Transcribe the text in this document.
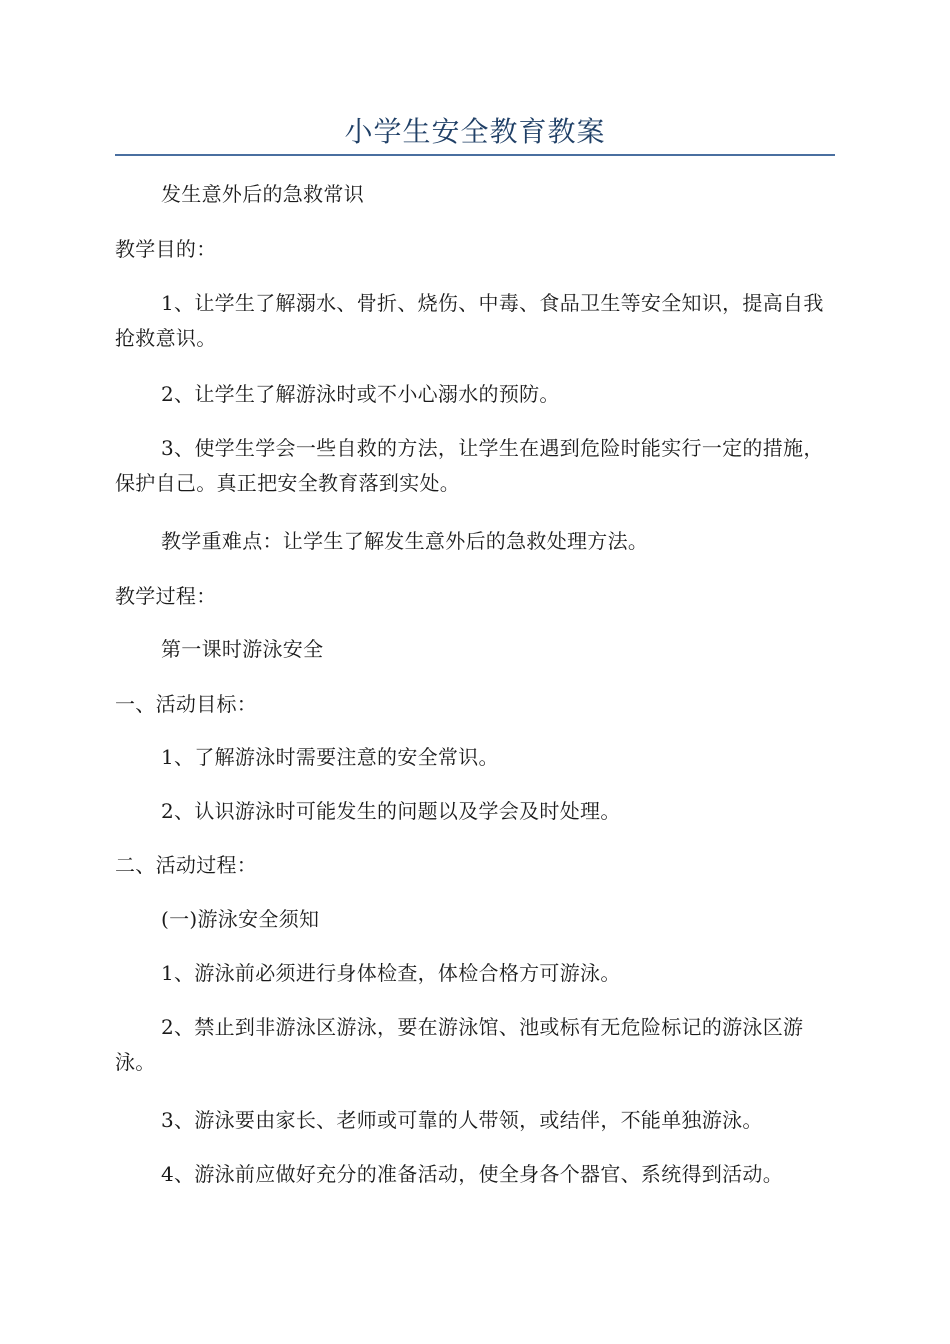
小学生安全教育教案

发生意外后的急救常识

教学目的：

1、让学生了解溺水、骨折、烧伤、中毒、食品卫生等安全知识，提高自我抢救意识。

2、让学生了解游泳时或不小心溺水的预防。

3、使学生学会一些自救的方法，让学生在遇到危险时能实行一定的措施，保护自己。真正把安全教育落到实处。

教学重难点：让学生了解发生意外后的急救处理方法。

教学过程：

第一课时游泳安全

一、活动目标：

1、了解游泳时需要注意的安全常识。

2、认识游泳时可能发生的问题以及学会及时处理。

二、活动过程：

(一)游泳安全须知

1、游泳前必须进行身体检查，体检合格方可游泳。

2、禁止到非游泳区游泳，要在游泳馆、池或标有无危险标记的游泳区游泳。

3、游泳要由家长、老师或可靠的人带领，或结伴，不能单独游泳。

4、游泳前应做好充分的准备活动，使全身各个器官、系统得到活动。
